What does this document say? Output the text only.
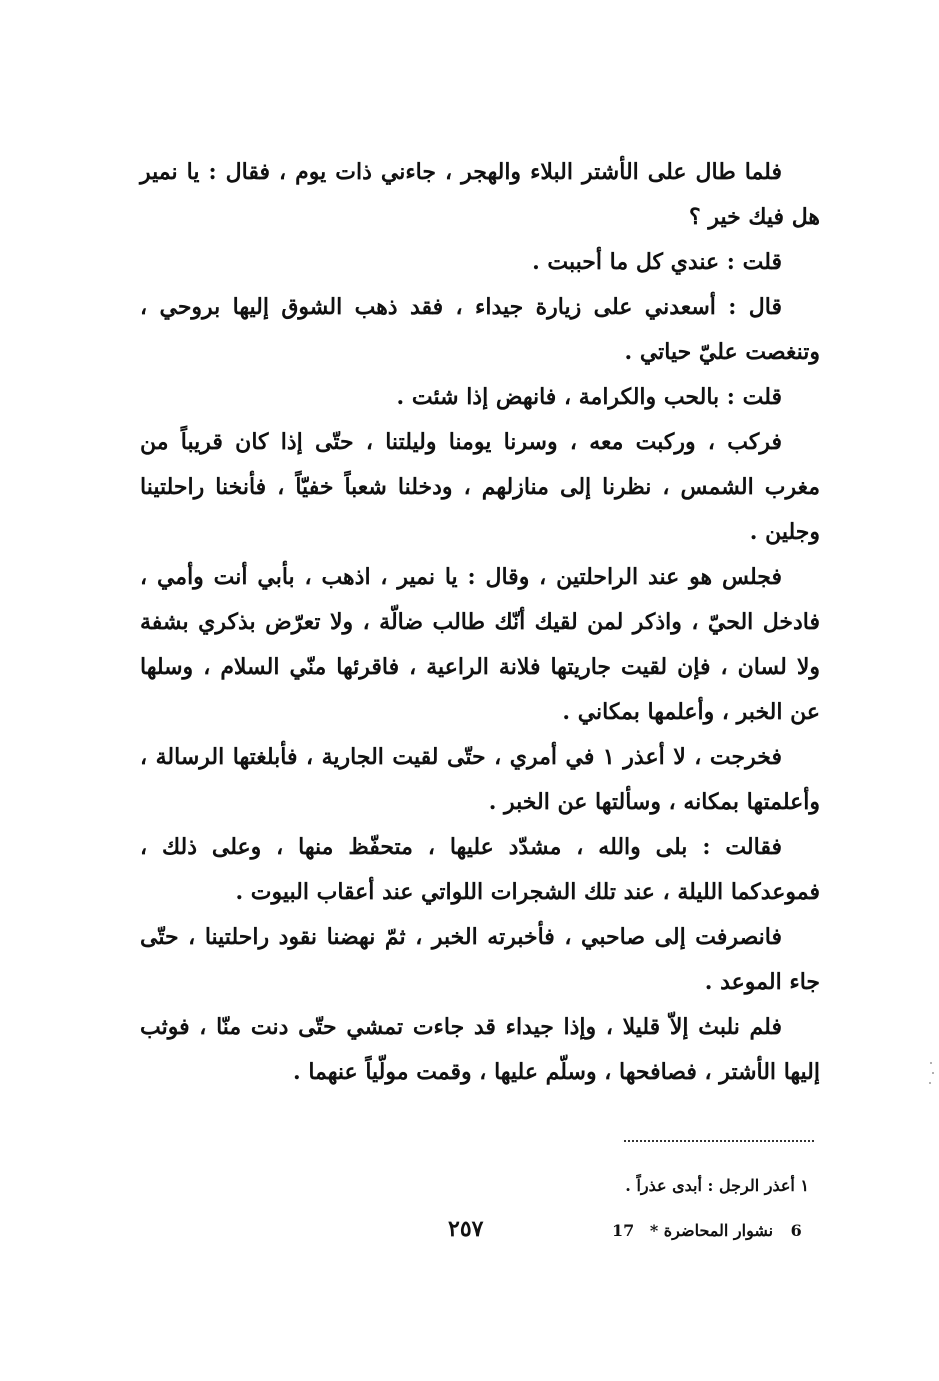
فلما طال على الأشتر البلاء والهجر ، جاءني ذات يوم ، فقال : يا نمير هل فيك خير ؟

قلت : عندي كل ما أحببت .

قال : أسعدني على زيارة جيداء ، فقد ذهب الشوق إليها بروحي ، وتنغصت عليّ حياتي .

قلت : بالحب والكرامة ، فانهض إذا شئت .

فركب ، وركبت معه ، وسرنا يومنا وليلتنا ، حتّى إذا كان قريباً من مغرب الشمس ، نظرنا إلى منازلهم ، ودخلنا شعباً خفيّاً ، فأنخنا راحلتينا وجلين .

فجلس هو عند الراحلتين ، وقال : يا نمير ، اذهب ، بأبي أنت وأمي ، فادخل الحيّ ، واذكر لمن لقيك أنّك طالب ضالّة ، ولا تعرّض بذكري بشفة ولا لسان ، فإن لقيت جاريتها فلانة الراعية ، فاقرئها منّي السلام ، وسلها عن الخبر ، وأعلمها بمكاني .

فخرجت ، لا أعذر ١ في أمري ، حتّى لقيت الجارية ، فأبلغتها الرسالة ، وأعلمتها بمكانه ، وسألتها عن الخبر .

فقالت : بلى والله ، مشدّد عليها ، متحفّظ منها ، وعلى ذلك ، فموعدكما الليلة ، عند تلك الشجرات اللواتي عند أعقاب البيوت .

فانصرفت إلى صاحبي ، فأخبرته الخبر ، ثمّ نهضنا نقود راحلتينا ، حتّى جاء الموعد .

فلم نلبث إلاّ قليلا ، وإذا جيداء قد جاءت تمشي حتّى دنت منّا ، فوثب إليها الأشتر ، فصافحها ، وسلّم عليها ، وقمت مولّياً عنهما .

١ أعذر الرجل : أبدى عذراً .
17 نشوار المحاضرة * 6
٢٥٧
